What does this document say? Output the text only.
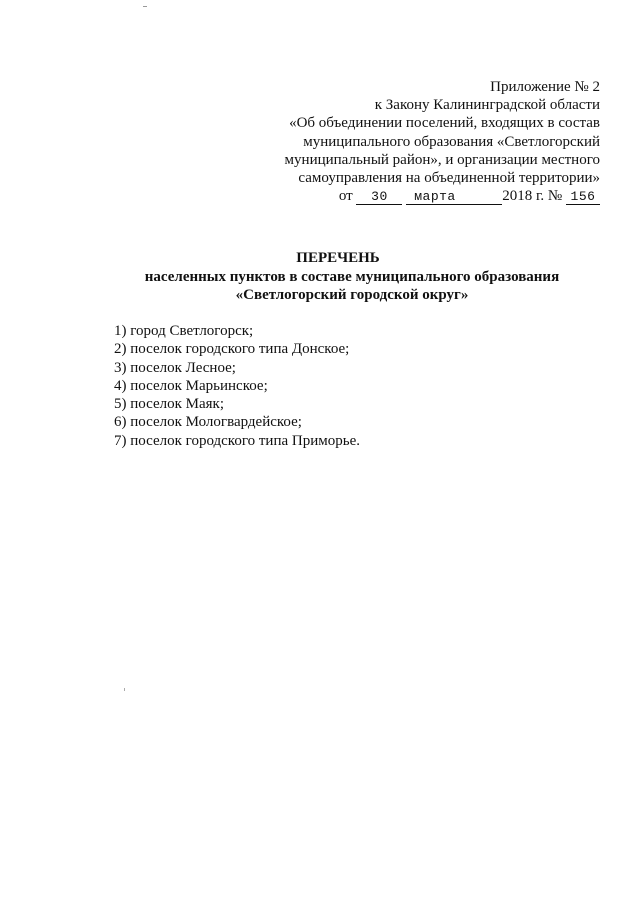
Приложение № 2
к Закону Калининградской области
«Об объединении поселений, входящих в состав
муниципального образования «Светлогорский
муниципальный район», и организации местного
самоуправления на объединенной территории»
от 30 марта	2018 г. № 156
ПЕРЕЧЕНЬ
населенных пунктов в составе муниципального образования
«Светлогорский городской округ»
1) город Светлогорск;
2) поселок городского типа Донское;
3) поселок Лесное;
4) поселок Марьинское;
5) поселок Маяк;
6) поселок Мологвардейское;
7) поселок городского типа Приморье.
